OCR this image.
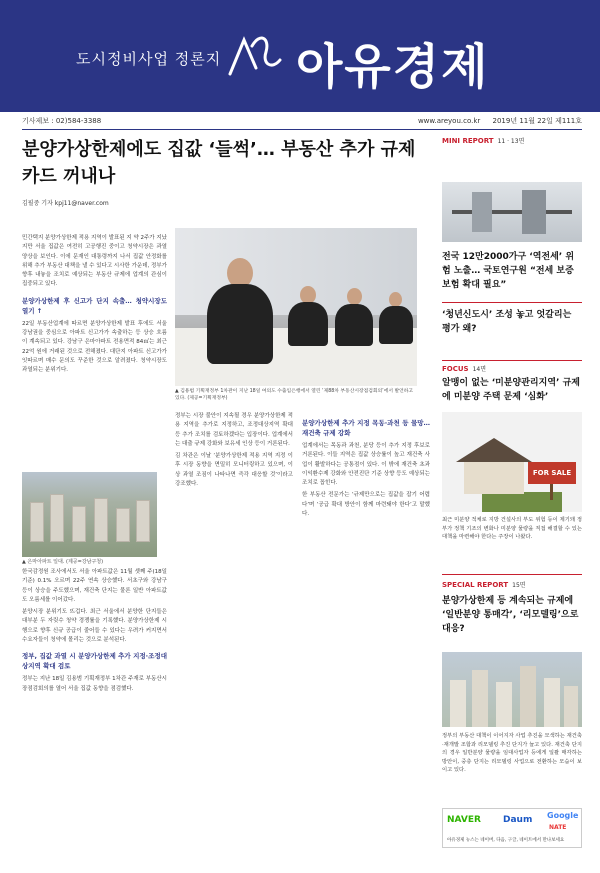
도시정비사업 정론지 아유경제
기사제보 : 02)584-3388	www.areyou.co.kr 2019년 11월 22일 제111호
분양가상한제에도 집값 ‘들썩’… 부동산 추가 규제 카드 꺼내나
김필중 기자 kpj11@naver.com

민간택지 분양가상한제 적용 지역이 발표된 지 약 2주가 지났지만 서울 집값은 여전히 고공행진 중이고 청약시장은 과열 양상을 보인다. 이에 문재인 대통령까지 나서 집값 안정화를 위해 추가 부동산 대책을 낼 수 있다고 시사한 가운데, 정부가 향후 내놓을 조치로 예상되는 부동산 규제에 업계의 관심이 집중되고 있다.

분양가상한제 후 신고가 단지 속출… 청약시장도 열기 ↑

22일 부동산업계에 따르면 분양가상한제 발표 후에도 서울 강남권을 중심으로 아파트 신고가가 속출하는 등 상승 흐름이 계속되고 있다. 강남구 은마아파트 전용면적 84㎡는 최근 22억 원에 거래된 것으로 전해졌다. 대단지 아파트 신고가가 잇따르며 매수 문의도 꾸준한 것으로 알려졌다. 청약시장도 과열되는 분위기다.

▲ 김용범 기획재정부 1차관이 지난 18일 여의도 수출입은행에서 열린 ‘제88차 부동산시장점검회의’에서 발언하고 있다. (제공=기획재정부)
▲ 은마아파트 일대. (제공=강남구청)

한국감정원 조사에서도 서울 아파트값은 11월 셋째 주(18일 기준) 0.1% 오르며 22주 연속 상승했다. 서초구와 강남구 등이 상승을 주도했으며, 재건축 단지는 물론 일반 아파트값도 오름세를 이어갔다.

분양시장 분위기도 뜨겁다. 최근 서울에서 분양한 단지들은 대부분 두 자릿수 청약 경쟁률을 기록했다. 분양가상한제 시행으로 향후 신규 공급이 줄어들 수 있다는 우려가 커지면서 수요자들이 청약에 몰리는 것으로 분석된다.

정부, 집값 과열 시 분양가상한제 추가 지정·조정대상지역 확대 검토

정부는 지난 18일 김용범 기획재정부 1차관 주재로 부동산시장점검회의를 열어 서울 집값 동향을 점검했다.

정부는 시장 불안이 지속될 경우 분양가상한제 적용 지역을 추가로 지정하고, 조정대상지역 확대 등 추가 조치를 검토하겠다는 입장이다. 업계에서는 대출 규제 강화와 보유세 인상 등이 거론된다.

김 차관은 이날 ‘분양가상한제 적용 지역 지정 이후 시장 동향을 면밀히 모니터링하고 있으며, 이상 과열 조짐이 나타나면 즉각 대응할 것’이라고 강조했다.

분양가상한제 추가 지정 목동·과천 등 물망… 재건축 규제 강화

업계에서는 목동과 과천, 분당 등이 추가 지정 후보로 거론된다. 이들 지역은 집값 상승률이 높고 재건축 사업이 활발하다는 공통점이 있다. 이 밖에 재건축 초과이익환수제 강화와 안전진단 기준 상향 등도 예상되는 조치로 꼽힌다.

한 부동산 전문가는 ‘규제만으로는 집값을 잡기 어렵다’며 ‘공급 확대 방안이 함께 마련돼야 한다’고 말했다.

MINI REPORT 11 · 13면
전국 12만2000가구 ‘역전세’ 위험 노출… 국토연구원 “전세 보증보험 확대 필요”
‘청년신도시’ 조성 놓고 엇갈리는 평가 왜?
FOCUS 14면
알맹이 없는 ‘미분양관리지역’ 규제에 미분양 주택 문제 ‘심화’
FOR SALE
최근 미분양 적체로 지방 건설사의 부도 위험 등이 제기돼 정부가 정책 기조의 변화나 미분양 물량을 직접 해결할 수 있는 대책을 마련해야 한다는 주장이 나왔다.
SPECIAL REPORT 15면
분양가상한제 등 계속되는 규제에 ‘일반분양 통매각’, ‘리모델링’으로 대응?
정부의 부동산 대책이 이어지자 사업 추진을 모색하는 재건축·재개발 조합과 리모델링 추진 단지가 늘고 있다. 재건축 단지의 경우 일반분양 물량을 임대사업자 등에게 일괄 매각하는 방안이, 중층 단지는 리모델링 사업으로 전환하는 모습이 보이고 있다.
NAVER Daum Google
NATE
아유경제 뉴스는 네이버, 다음, 구글, 네이트에서 만나보세요
